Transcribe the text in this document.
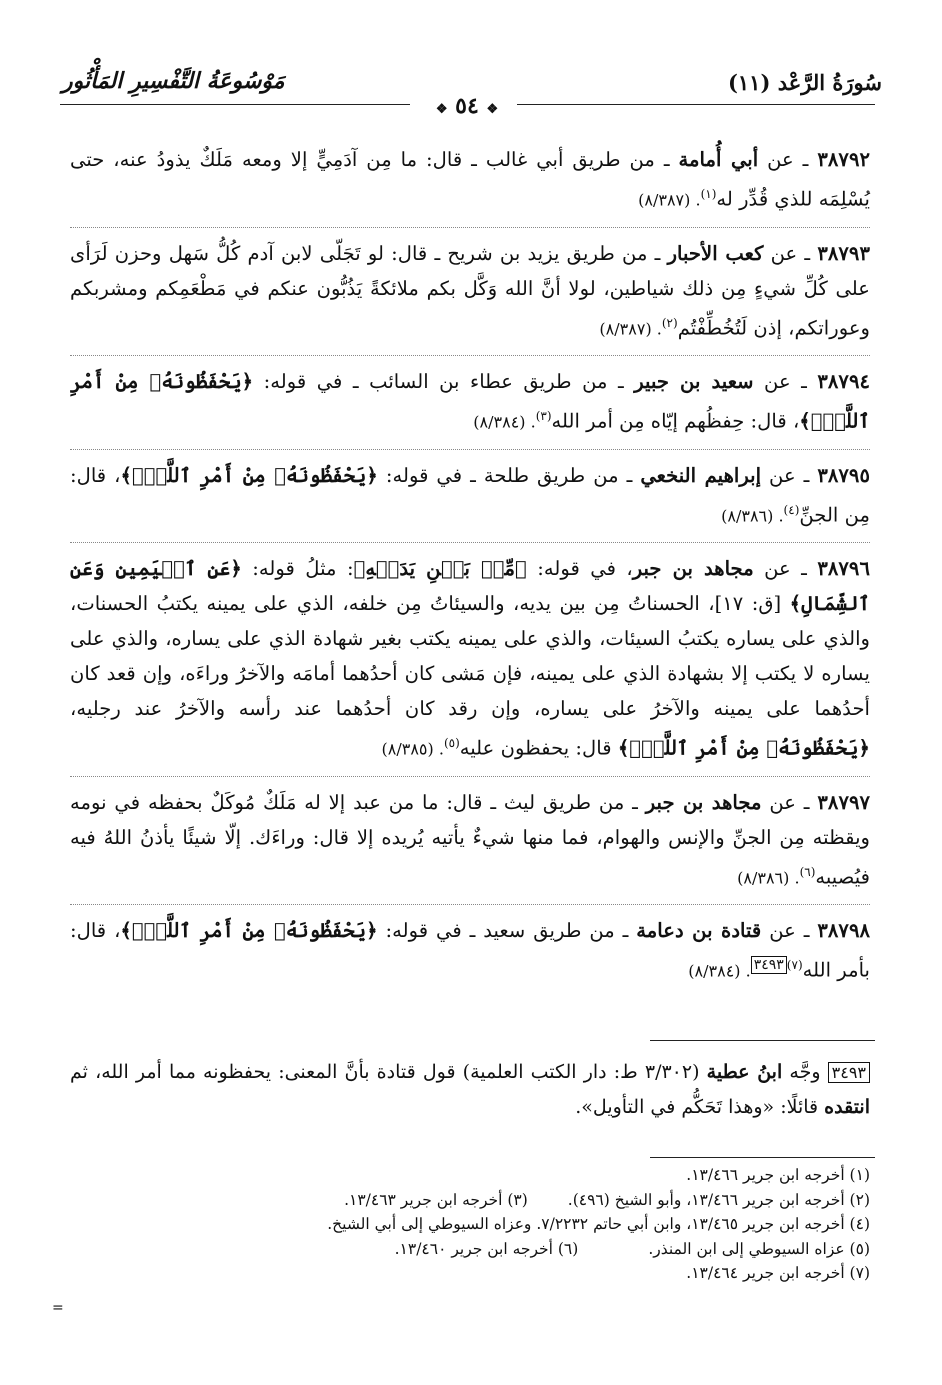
سُورَةُ الرَّعْد (١١)
مَوْسُوعَةُ التَّفْسِيرِ المَأْثُور
❖ ٥٤ ❖

٣٨٧٩٢ ـ عن أبي أُمامة ـ من طريق أبي غالب ـ قال: ما مِن آدَمِيٍّ إلا ومعه مَلَكٌ يذودُ عنه، حتى يُسْلِمَه للذي قُدِّر له$^{(١)}$. (٨/٣٨٧)

٣٨٧٩٣ ـ عن كعب الأحبار ـ من طريق يزيد بن شريح ـ قال: لو تَجَلّى لابن آدم كُلُّ سَهل وحزن لَرَأى على كُلِّ شيءٍ مِن ذلك شياطين، لولا أنَّ الله وَكَّل بكم ملائكةً يَذُبُّون عنكم في مَطْعَمِكم ومشربكم وعوراتكم، إذن لَتُخُطِّفْتُم$^{(٢)}$. (٨/٣٨٧)

٣٨٧٩٤ ـ عن سعيد بن جبير ـ من طريق عطاء بن السائب ـ في قوله: ﴿يَحْفَظُونَهُۥ مِنْ أَمْرِ ٱللَّهِۗ﴾، قال: حِفظُهم إيّاه مِن أمر الله$^{(٣)}$. (٨/٣٨٤)

٣٨٧٩٥ ـ عن إبراهيم النخعي ـ من طريق طلحة ـ في قوله: ﴿يَحْفَظُونَهُۥ مِنْ أَمْرِ ٱللَّهِۗ﴾، قال: مِن الجنِّ$^{(٤)}$. (٨/٣٨٦)

٣٨٧٩٦ ـ عن مجاهد بن جبر، في قوله: ﴿مِّنۢ بَيۡنِ يَدَيۡهِ﴾: مثلُ قوله: ﴿عَنِ ٱلۡيَمِينِ وَعَنِ ٱلشِّمَالِ﴾ [ق: ١٧]، الحسناتُ مِن بين يديه، والسيئاتُ مِن خلفه، الذي على يمينه يكتبُ الحسنات، والذي على يساره يكتبُ السيئات، والذي على يمينه يكتب بغير شهادة الذي على يساره، والذي على يساره لا يكتب إلا بشهادة الذي على يمينه، فإن مَشى كان أحدُهما أمامَه والآخرُ وراءَه، وإن قعد كان أحدُهما على يمينه والآخرُ على يساره، وإن رقد كان أحدُهما عند رأسه والآخرُ عند رجليه، ﴿يَحْفَظُونَهُۥ مِنْ أَمْرِ ٱللَّهِۗ﴾ قال: يحفظون عليه$^{(٥)}$. (٨/٣٨٥)

٣٨٧٩٧ ـ عن مجاهد بن جبر ـ من طريق ليث ـ قال: ما من عبد إلا له مَلَكٌ مُوكَلٌ بحفظه في نومه ويقظته مِن الجنِّ والإنس والهوام، فما منها شيءٌ يأتيه يُريده إلا قال: وراءَك. إلّا شيئًا يأذنُ اللهُ فيه فيُصيبه$^{(٦)}$. (٨/٣٨٦)

٣٨٧٩٨ ـ عن قتادة بن دعامة ـ من طريق سعيد ـ في قوله: ﴿يَحْفَظُونَهُۥ مِنْ أَمْرِ ٱللَّهِۗ﴾، قال: بأمر الله$^{(٧)٣٤٩٣}$. (٨/٣٨٤)

٣٤٩٣ وجَّه ابنُ عطية (٣/٣٠٢ ط: دار الكتب العلمية) قول قتادة بأنَّ المعنى: يحفظونه مما أمر الله، ثم انتقده قائلًا: «وهذا تَحَكُّم في التأويل».
(١) أخرجه ابن جرير ١٣/٤٦٦.
(٢) أخرجه ابن جرير ١٣/٤٦٦، وأبو الشيخ (٤٩٦).(٣) أخرجه ابن جرير ١٣/٤٦٣.
(٤) أخرجه ابن جرير ١٣/٤٦٥، وابن أبي حاتم ٧/٢٢٣٢. وعزاه السيوطي إلى أبي الشيخ.
(٥) عزاه السيوطي إلى ابن المنذر.(٦) أخرجه ابن جرير ١٣/٤٦٠.
(٧) أخرجه ابن جرير ١٣/٤٦٤.
=
